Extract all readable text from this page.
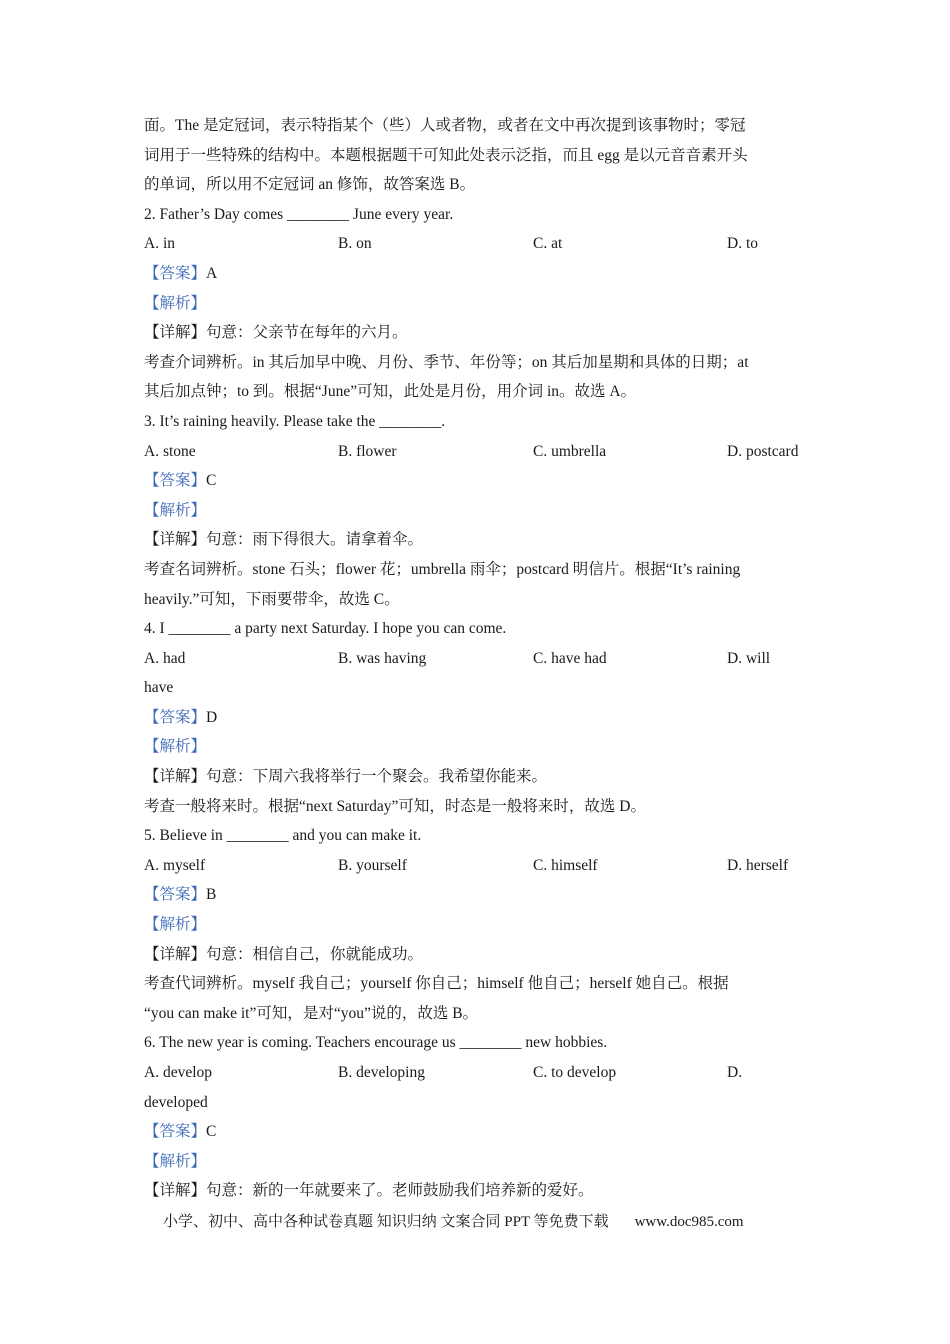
面。The 是定冠词，表示特指某个（些）人或者物，或者在文中再次提到该事物时；零冠
词用于一些特殊的结构中。本题根据题干可知此处表示泛指，而且 egg 是以元音音素开头
的单词，所以用不定冠词 an 修饰，故答案选 B。
2. Father’s Day comes ________ June every year.
A. in	B. on	C. at	D. to
【答案】A
【解析】
【详解】句意：父亲节在每年的六月。
考查介词辨析。in 其后加早中晚、月份、季节、年份等；on 其后加星期和具体的日期；at
其后加点钟；to 到。根据“June”可知，此处是月份，用介词 in。故选 A。
3. It’s raining heavily. Please take the ________.
A. stone	B. flower	C. umbrella	D. postcard
【答案】C
【解析】
【详解】句意：雨下得很大。请拿着伞。
考查名词辨析。stone 石头；flower 花；umbrella 雨伞；postcard 明信片。根据“It’s raining
heavily.”可知，下雨要带伞，故选 C。
4. I ________ a party next Saturday. I hope you can come.
A. had	B. was having	C. have had	D. will
have
【答案】D
【解析】
【详解】句意：下周六我将举行一个聚会。我希望你能来。
考查一般将来时。根据“next Saturday”可知，时态是一般将来时，故选 D。
5. Believe in ________ and you can make it.
A. myself	B. yourself	C. himself	D. herself
【答案】B
【解析】
【详解】句意：相信自己，你就能成功。
考查代词辨析。myself 我自己；yourself 你自己；himself 他自己；herself 她自己。根据
“you can make it”可知，是对“you”说的，故选 B。
6. The new year is coming. Teachers encourage us ________ new hobbies.
A. develop	B. developing	C. to develop	D.
developed
【答案】C
【解析】
【详解】句意：新的一年就要来了。老师鼓励我们培养新的爱好。
小学、初中、高中各种试卷真题 知识归纳 文案合同 PPT 等免费下载 www.doc985.com
